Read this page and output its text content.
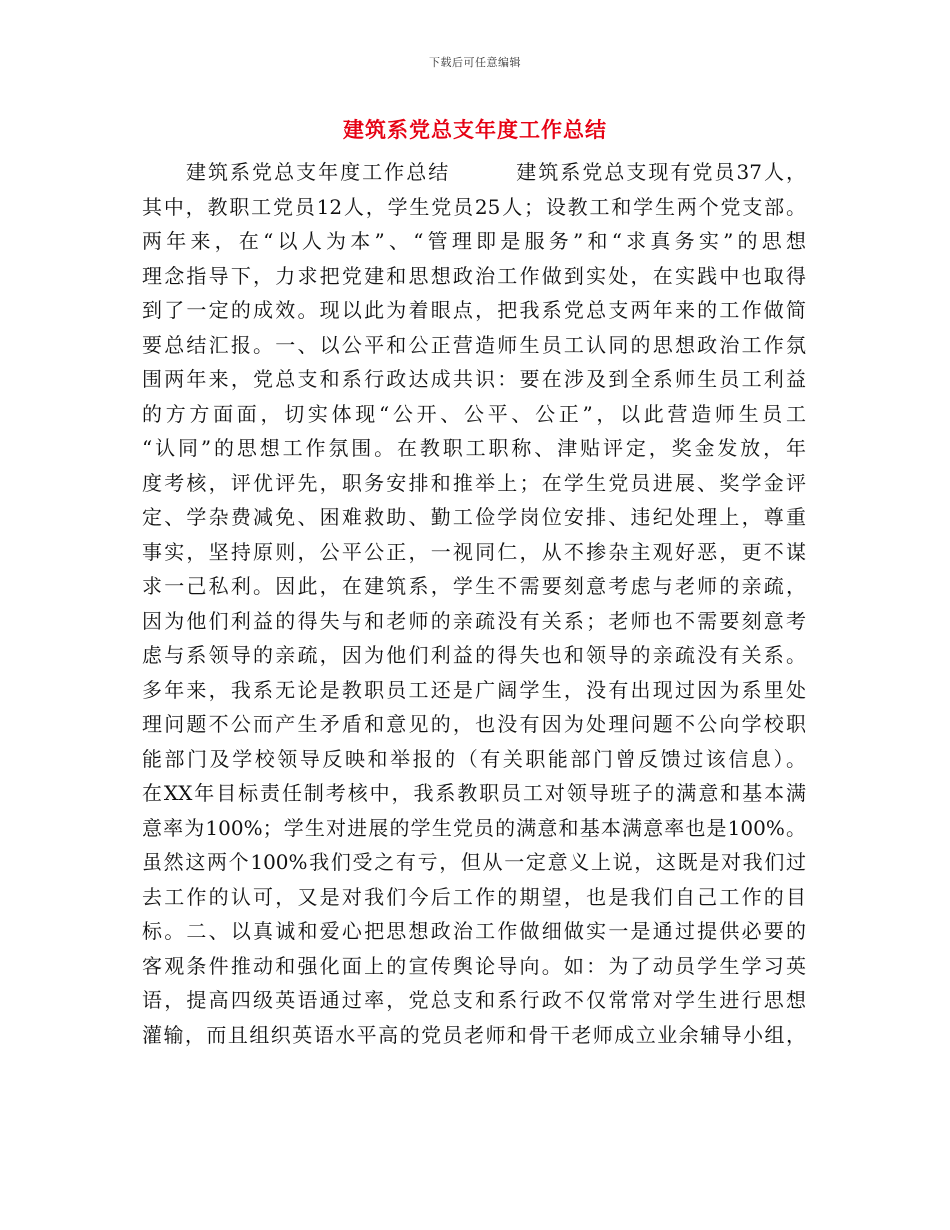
下载后可任意编辑
建筑系党总支年度工作总结
建筑系党总支年度工作总结　　　建筑系党总支现有党员37人，
其中，教职工党员12人，学生党员25人；设教工和学生两个党支部。
两年来，在“以人为本”、“管理即是服务”和“求真务实”的思想
理念指导下，力求把党建和思想政治工作做到实处，在实践中也取得
到了一定的成效。现以此为着眼点，把我系党总支两年来的工作做简
要总结汇报。一、以公平和公正营造师生员工认同的思想政治工作氛
围两年来，党总支和系行政达成共识：要在涉及到全系师生员工利益
的方方面面，切实体现“公开、公平、公正”，以此营造师生员工
“认同”的思想工作氛围。在教职工职称、津贴评定，奖金发放，年
度考核，评优评先，职务安排和推举上；在学生党员进展、奖学金评
定、学杂费减免、困难救助、勤工俭学岗位安排、违纪处理上，尊重
事实，坚持原则，公平公正，一视同仁，从不掺杂主观好恶，更不谋
求一己私利。因此，在建筑系，学生不需要刻意考虑与老师的亲疏，
因为他们利益的得失与和老师的亲疏没有关系；老师也不需要刻意考
虑与系领导的亲疏，因为他们利益的得失也和领导的亲疏没有关系。
多年来，我系无论是教职员工还是广阔学生，没有出现过因为系里处
理问题不公而产生矛盾和意见的，也没有因为处理问题不公向学校职
能部门及学校领导反映和举报的（有关职能部门曾反馈过该信息）。
在XX年目标责任制考核中，我系教职员工对领导班子的满意和基本满
意率为100%；学生对进展的学生党员的满意和基本满意率也是100%。
虽然这两个100%我们受之有亏，但从一定意义上说，这既是对我们过
去工作的认可，又是对我们今后工作的期望，也是我们自己工作的目
标。二、以真诚和爱心把思想政治工作做细做实一是通过提供必要的
客观条件推动和强化面上的宣传舆论导向。如：为了动员学生学习英
语，提高四级英语通过率，党总支和系行政不仅常常对学生进行思想
灌输，而且组织英语水平高的党员老师和骨干老师成立业余辅导小组，
